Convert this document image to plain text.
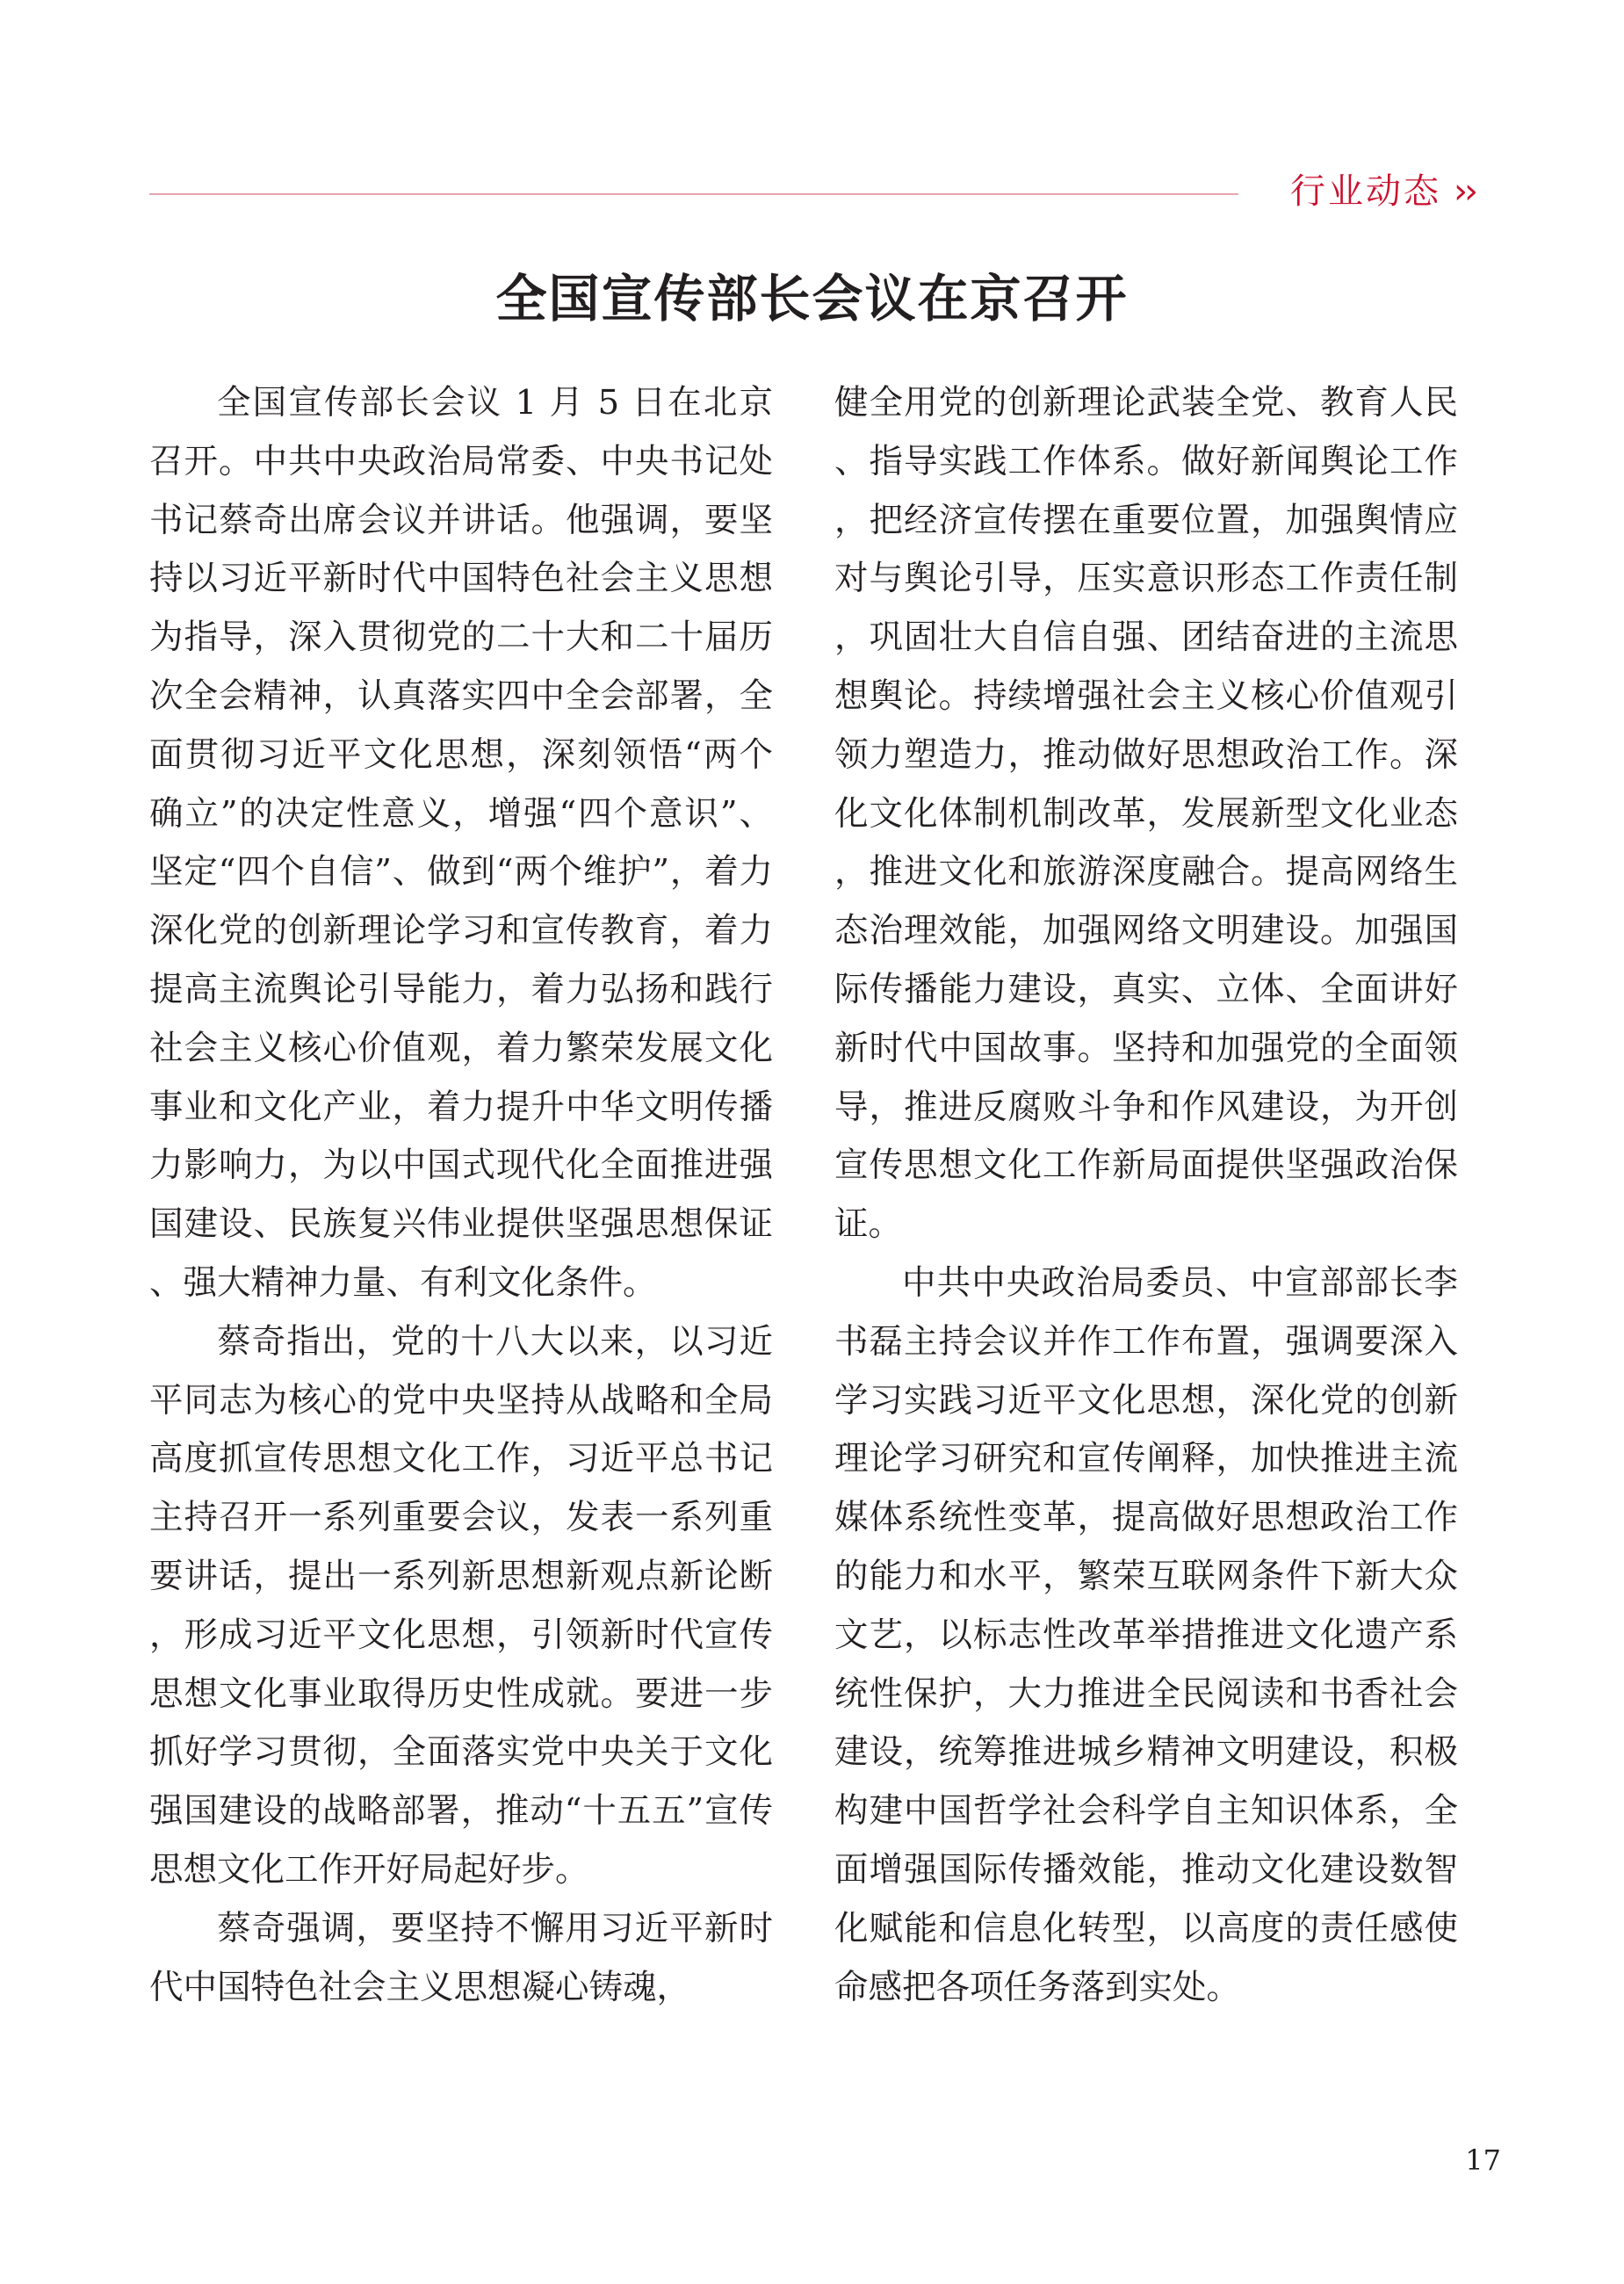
行业动态 ››
全国宣传部长会议在京召开

全国宣传部长会议 1 月 5 日在北京召开。中共中央政治局常委、中央书记处书记蔡奇出席会议并讲话。他强调，要坚持以习近平新时代中国特色社会主义思想为指导，深入贯彻党的二十大和二十届历次全会精神，认真落实四中全会部署，全面贯彻习近平文化思想，深刻领悟“两个确立”的决定性意义，增强“四个意识”、坚定“四个自信”、做到“两个维护”，着力深化党的创新理论学习和宣传教育，着力提高主流舆论引导能力，着力弘扬和践行社会主义核心价值观，着力繁荣发展文化事业和文化产业，着力提升中华文明传播力影响力，为以中国式现代化全面推进强国建设、民族复兴伟业提供坚强思想保证、强大精神力量、有利文化条件。

蔡奇指出，党的十八大以来，以习近平同志为核心的党中央坚持从战略和全局高度抓宣传思想文化工作，习近平总书记主持召开一系列重要会议，发表一系列重要讲话，提出一系列新思想新观点新论断，形成习近平文化思想，引领新时代宣传思想文化事业取得历史性成就。要进一步抓好学习贯彻，全面落实党中央关于文化强国建设的战略部署，推动“十五五”宣传思想文化工作开好局起好步。

蔡奇强调，要坚持不懈用习近平新时代中国特色社会主义思想凝心铸魂，

健全用党的创新理论武装全党、教育人民、指导实践工作体系。做好新闻舆论工作，把经济宣传摆在重要位置，加强舆情应对与舆论引导，压实意识形态工作责任制，巩固壮大自信自强、团结奋进的主流思想舆论。持续增强社会主义核心价值观引领力塑造力，推动做好思想政治工作。深化文化体制机制改革，发展新型文化业态，推进文化和旅游深度融合。提高网络生态治理效能，加强网络文明建设。加强国际传播能力建设，真实、立体、全面讲好新时代中国故事。坚持和加强党的全面领导，推进反腐败斗争和作风建设，为开创宣传思想文化工作新局面提供坚强政治保证。

中共中央政治局委员、中宣部部长李书磊主持会议并作工作布置，强调要深入学习实践习近平文化思想，深化党的创新理论学习研究和宣传阐释，加快推进主流媒体系统性变革，提高做好思想政治工作的能力和水平，繁荣互联网条件下新大众文艺，以标志性改革举措推进文化遗产系统性保护，大力推进全民阅读和书香社会建设，统筹推进城乡精神文明建设，积极构建中国哲学社会科学自主知识体系，全面增强国际传播效能，推动文化建设数智化赋能和信息化转型，以高度的责任感使命感把各项任务落到实处。

17
